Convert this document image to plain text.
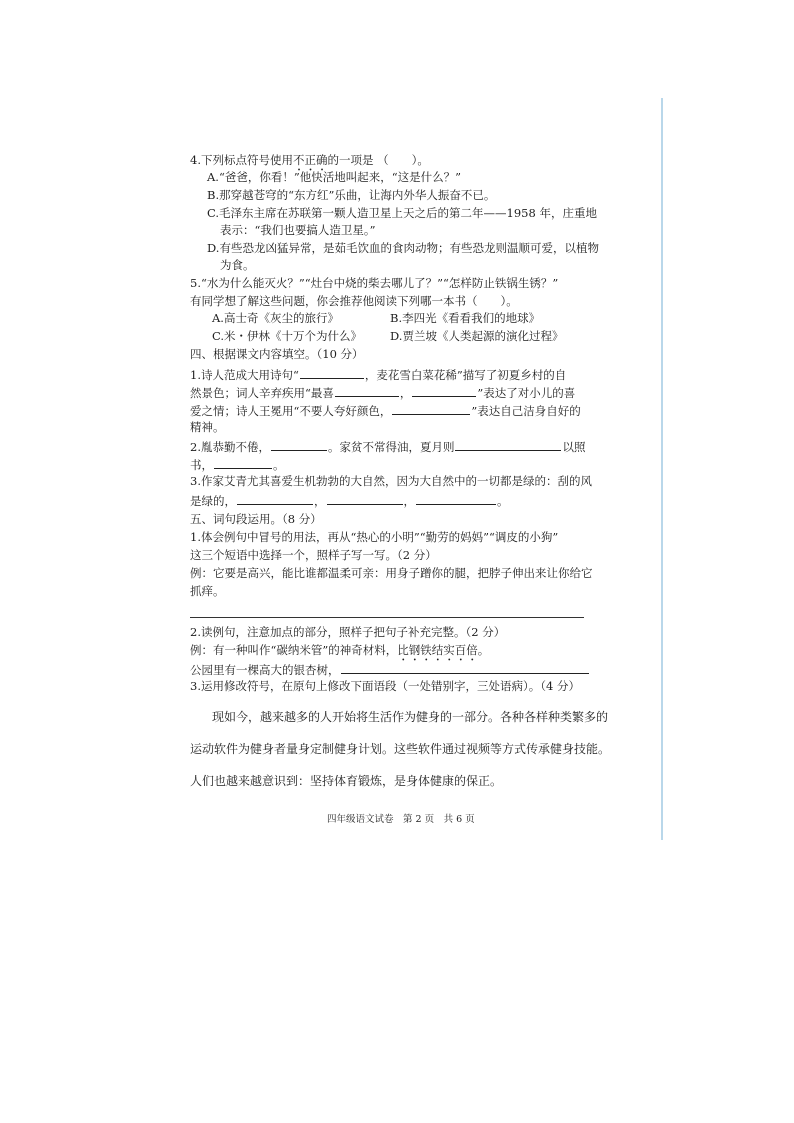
4.下列标点符号使用不正确的一项是 （　　）。
A.“爸爸，你看！”他快活地叫起来，“这是什么？”
B.那穿越苍穹的“东方红”乐曲，让海内外华人振奋不已。
C.毛泽东主席在苏联第一颗人造卫星上天之后的第二年——1958 年，庄重地
表示：“我们也要搞人造卫星。”
D.有些恐龙凶猛异常，是茹毛饮血的食肉动物；有些恐龙则温顺可爱，以植物
为食。
5.“水为什么能灭火？”“灶台中烧的柴去哪儿了？”“怎样防止铁锅生锈？”
有同学想了解这些问题，你会推荐他阅读下列哪一本书（　　）。
A.高士奇《灰尘的旅行》	B.李四光《看看我们的地球》
C.米・伊林《十万个为什么》 D.贾兰坡《人类起源的演化过程》
四、根据课文内容填空。（10 分）
1.诗人范成大用诗句“	，麦花雪白菜花稀”描写了初夏乡村的自
然景色；词人辛弃疾用“最喜	，	”表达了对小儿的喜
爱之情；诗人王冕用“不要人夸好颜色，	”表达自己洁身自好的
精神。
2.胤恭勤不倦，	。家贫不常得油，夏月则	以照
书，	。
3.作家艾青尤其喜爱生机勃勃的大自然，因为大自然中的一切都是绿的：刮的风
是绿的，	，	，	。
五、词句段运用。（8 分）
1.体会例句中冒号的用法，再从“热心的小明”“勤劳的妈妈”“调皮的小狗”
这三个短语中选择一个，照样子写一写。（2 分）
例：它要是高兴，能比谁都温柔可亲：用身子蹭你的腿，把脖子伸出来让你给它
抓痒。
2.读例句，注意加点的部分，照样子把句子补充完整。（2 分）
例：有一种叫作“碳纳米管”的神奇材料，比钢铁结实百倍。
公园里有一棵高大的银杏树，
3.运用修改符号，在原句上修改下面语段（一处错别字，三处语病）。（4 分）
现如今，越来越多的人开始将生活作为健身的一部分。各种各样种类繁多的
运动软件为健身者量身定制健身计划。这些软件通过视频等方式传承健身技能。
人们也越来越意识到：坚持体育锻炼，是身体健康的保正。
四年级语文试卷　第 2 页　共 6 页
